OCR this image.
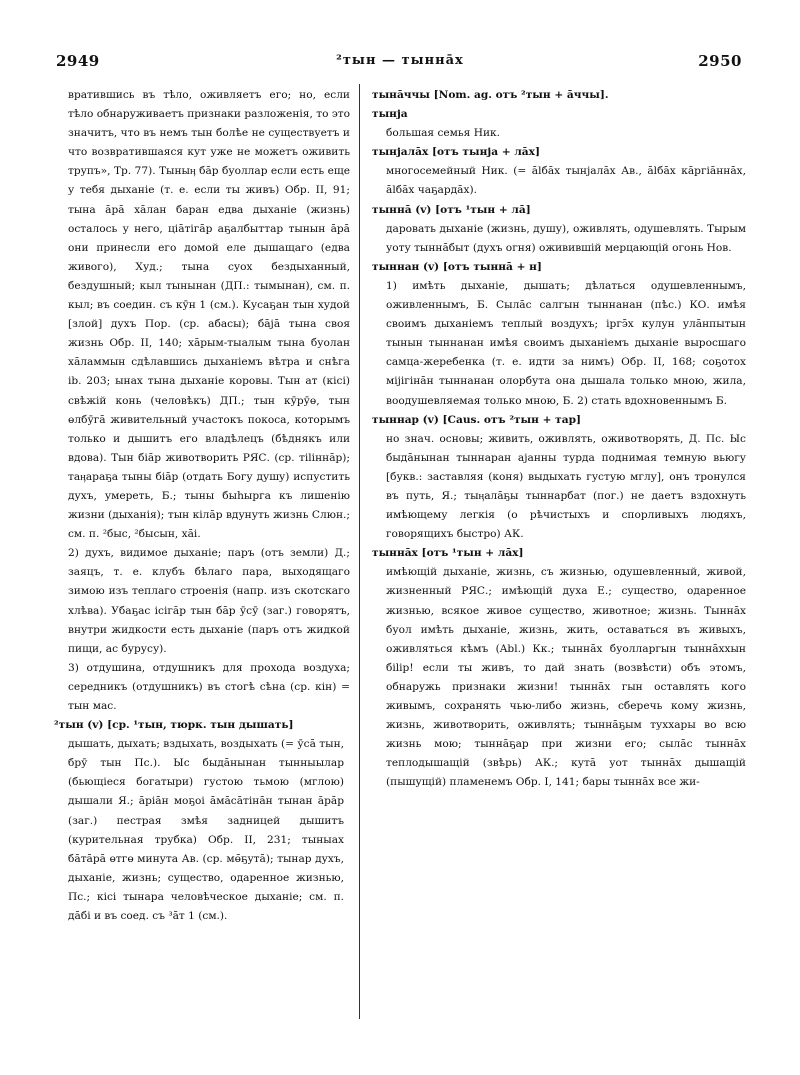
2949	²тын — тынна̄х	2950

вратившись въ тѣло, оживляетъ его; но, если тѣло обнаруживаетъ признаки разложенія, то это значитъ, что въ немъ тын болѣе не существуетъ и что возвратившаяся кут уже не можетъ оживить трупъ», Тр. 77). Тыныӊ ба̄р буоллар если есть еще у тебя дыханіе (т. е. если ты живъ) Обр. II, 91; тына а̄ра̄ ха̄лан баран едва дыханіе (жизнь) осталось у него, ціа̄тіга̄р аҕалбыттар тынын а̄ра̄ они принесли его домой еле дышащаго (едва живого), Худ.; тына суох бездыханный, бездушный; кыл тынынан (ДП.: тымынан), см. п. кыл; въ соедин. съ кӯн 1 (см.). Кусаҕан тын худой [злой] духъ Пор. (ср. абасы); ба̄ја̄ тына своя жизнь Обр. II, 140; ха̄рым-тыалым тына буолан ха̄ламмын сдѣлавшись дыханіемъ вѣтра и снѣга ib. 203; ынах тына дыханіе коровы. Тын ат (кісі) свѣжій конь (человѣкъ) ДП.; тын кӯрӯө, тын өлбӯга̄ живительный участокъ покоса, которымъ только и дышитъ его владѣлецъ (бѣднякъ или вдова). Тын біа̄р животворить РЯС. (ср. тіlінна̄р); таӊараҕа тыны біа̄р (отдать Богу душу) испустить духъ, умереть, Б.; тыны быһыргa къ лишенію жизни (дыханія); тын кіла̄р вдунуть жизнь Слюн.; см. п. ²быс, ²бысын, ха̄і.

2) духъ, видимое дыханіе; паръ (отъ земли) Д.; заяцъ, т. е. клубъ бѣлаго пара, выходящаго зимою изъ теплаго строенія (напр. изъ скотскаго хлѣва). Убаҕас ісіга̄р тын ба̄р ӯсӯ (заг.) говорятъ, внутри жидкости есть дыханіе (паръ отъ жидкой пищи, ас бурусу).

3) отдушина, отдушникъ для прохода воздуха; середникъ (отдушникъ) въ стогѣ сѣна (ср. кін) = тын мас.

²тын (v) [ср. ¹тын, тюрк. тын дышать]
дышать, дыхать; вздыхать, воздыхать (= ӯса̄ тын, брӯ тын Пс.). Ыс быда̄нынан тынныылар (бьющіеся богатыри) густою тьмою (мглою) дышали Я.; а̄ріа̄н моҕоі а̄ма̄са̄тіна̄н тынан а̄ра̄р (заг.) пестрая змѣя задницей дышитъ (курительная трубка) Обр. II, 231; тыныах ба̄та̄ра̄ өтгө минута Ав. (ср. мө̄ҕута̄); тынар духъ, дыханіе, жизнь; существо, одаренное жизнью, Пс.; кісі тынара человѣческое дыханіе; см. п. да̄бі и въ соед. съ ³а̄т 1 (см.).
тына̄ччы [Nom. ag. отъ ²тын + а̄ччы].
тынја
большая семья Ник.
тынјала̄х [отъ тынја + ла̄х]
многосемейный Ник. (= а̄lба̄х тынјала̄х Ав., а̄lба̄х ка̄ргіа̄нна̄х, а̄lба̄х чаҕарда̄х).
тынна̄ (v) [отъ ¹тын + ла̄]
даровать дыханіе (жизнь, душу), оживлять, одушевлять. Тырым уоту тынна̄быт (духъ огня) оживившій мерцающій огонь Нов.
тыннан (v) [отъ тынна̄ + н]
1) имѣть дыханіе, дышать; дѣлаться одушевленнымъ, оживленнымъ, Б. Сыла̄с салгын тыннанан (пѣс.) КО. имѣя своимъ дыханіемъ теплый воздухъ; іргэ̄х кулун ула̄нпытын тынын тыннанан имѣя своимъ дыханіемъ дыханіе выросшаго самца-жеребенка (т. е. идти за нимъ) Обр. II, 168; соҕотох міјігіна̄н тыннанан олорбута она дышала только мною, жила, воодушевляемая только мною, Б. 2) стать вдохновеннымъ Б.
тыннар (v) [Caus. отъ ²тын + тар]
но знач. основы; живить, оживлять, оживотворять, Д. Пс. Ыс быда̄нынан тыннаран ајанны турда поднимая темную вьюгу [букв.: заставляя (коня) выдыхать густую мглу], онъ тронулся въ путь, Я.; тыӊала̄ҕы тыннарбат (пог.) не даетъ вздохнуть имѣющему легкія (о рѣчистыхъ и спорливыхъ людяхъ, говорящихъ быстро) АК.
тынна̄х [отъ ¹тын + ла̄х]
имѣющій дыханіе, жизнь, съ жизнью, одушевленный, живой, жизненный РЯС.; имѣющій духа Е.; существо, одаренное жизнью, всякое живое существо, животное; жизнь. Тынна̄х буол имѣть дыханіе, жизнь, жить, оставаться въ живыхъ, оживляться кѣмъ (Abl.) Кк.; тынна̄х буолларгын тынна̄ххын біlір! если ты живъ, то дай знать (возвѣсти) объ этомъ, обнаружь признаки жизни! тынна̄х гын оставлять кого живымъ, сохранять чью-либо жизнь, сберечь кому жизнь, жизнь, животворить, оживлять; тынна̄ҕым тухxары во всю жизнь мою; тынна̄ҕар при жизни его; сыла̄с тынна̄х теплодышащій (звѣрь) АК.; кута̄ уот тынна̄х дышащій (пышущій) пламенемъ Обр. I, 141; бары тынна̄х все жи-
